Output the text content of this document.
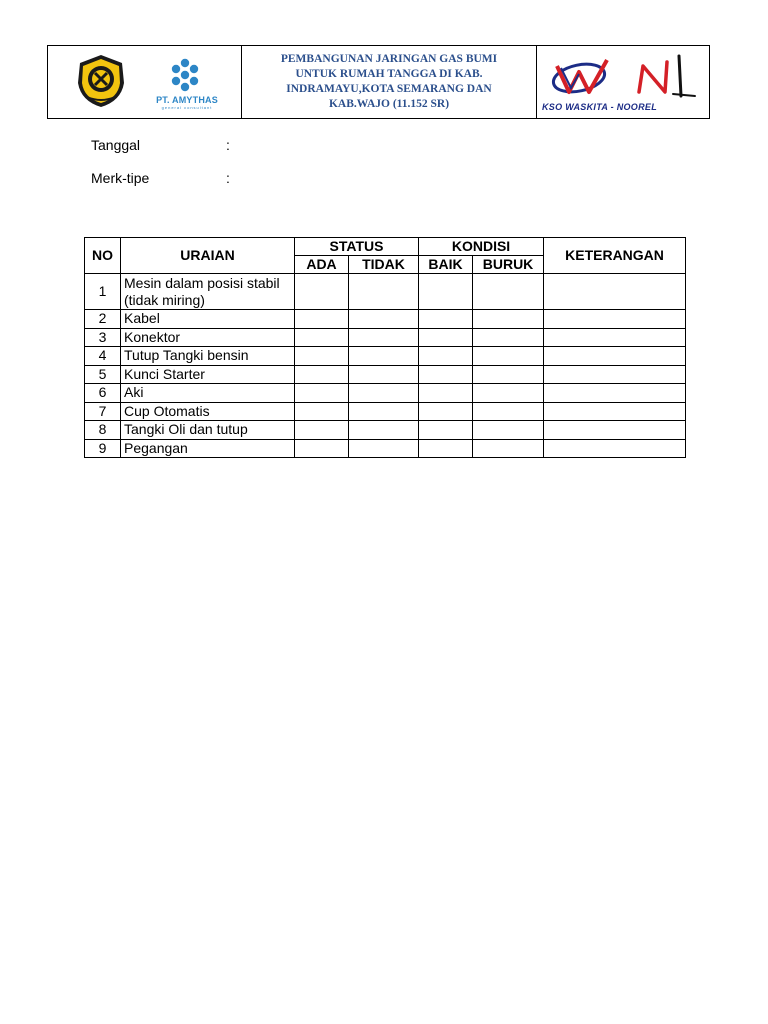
PT. AMYTHAS
general consultant
PEMBANGUNAN JARINGAN GAS BUMI UNTUK RUMAH TANGGA DI KAB. INDRAMAYU,KOTA SEMARANG DAN KAB.WAJO (11.152 SR)	KSO WASKITA - NOOREL
Tanggal	:
Merk-tipe	:
NO	URAIAN	STATUS		KONDISI		KETERANGAN
		ADA	TIDAK	BAIK	BURUK	
1	Mesin dalam posisi stabil (tidak miring)					
2	Kabel					
3	Konektor					
4	Tutup Tangki bensin					
5	Kunci Starter					
6	Aki					
7	Cup Otomatis					
8	Tangki Oli dan tutup					
9	Pegangan					
